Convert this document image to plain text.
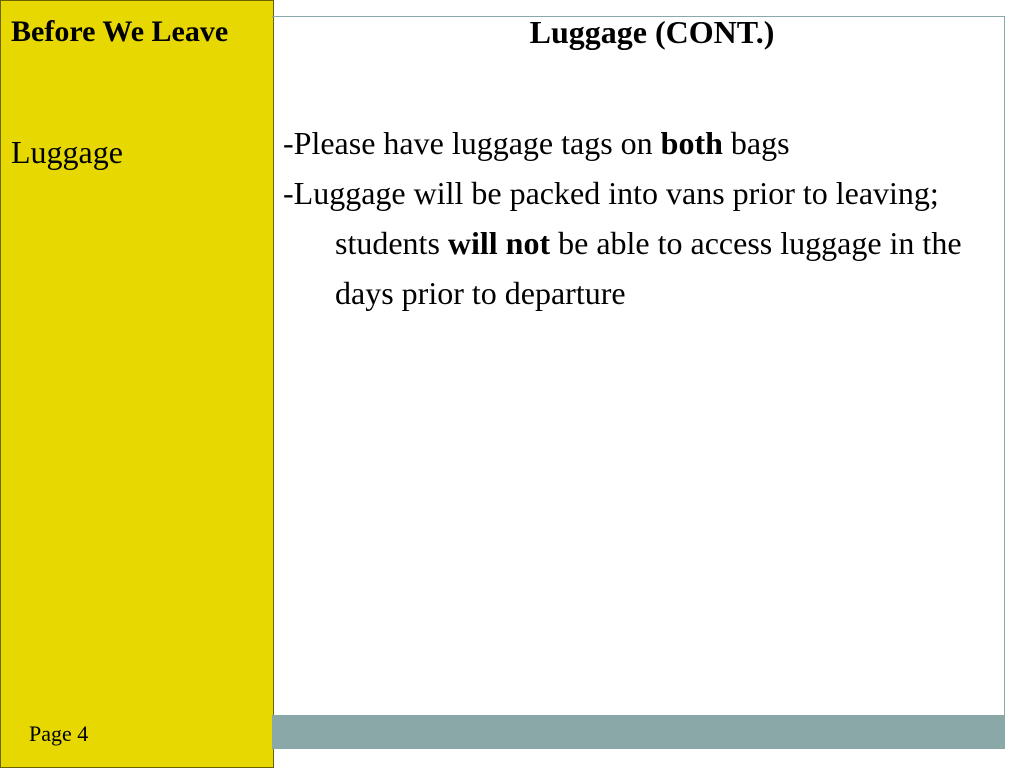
Before We Leave
Luggage
Page 4
Luggage (CONT.)

-Please have luggage tags on both bags

-Luggage will be packed into vans prior to leaving; students will not be able to access luggage in the days prior to departure
